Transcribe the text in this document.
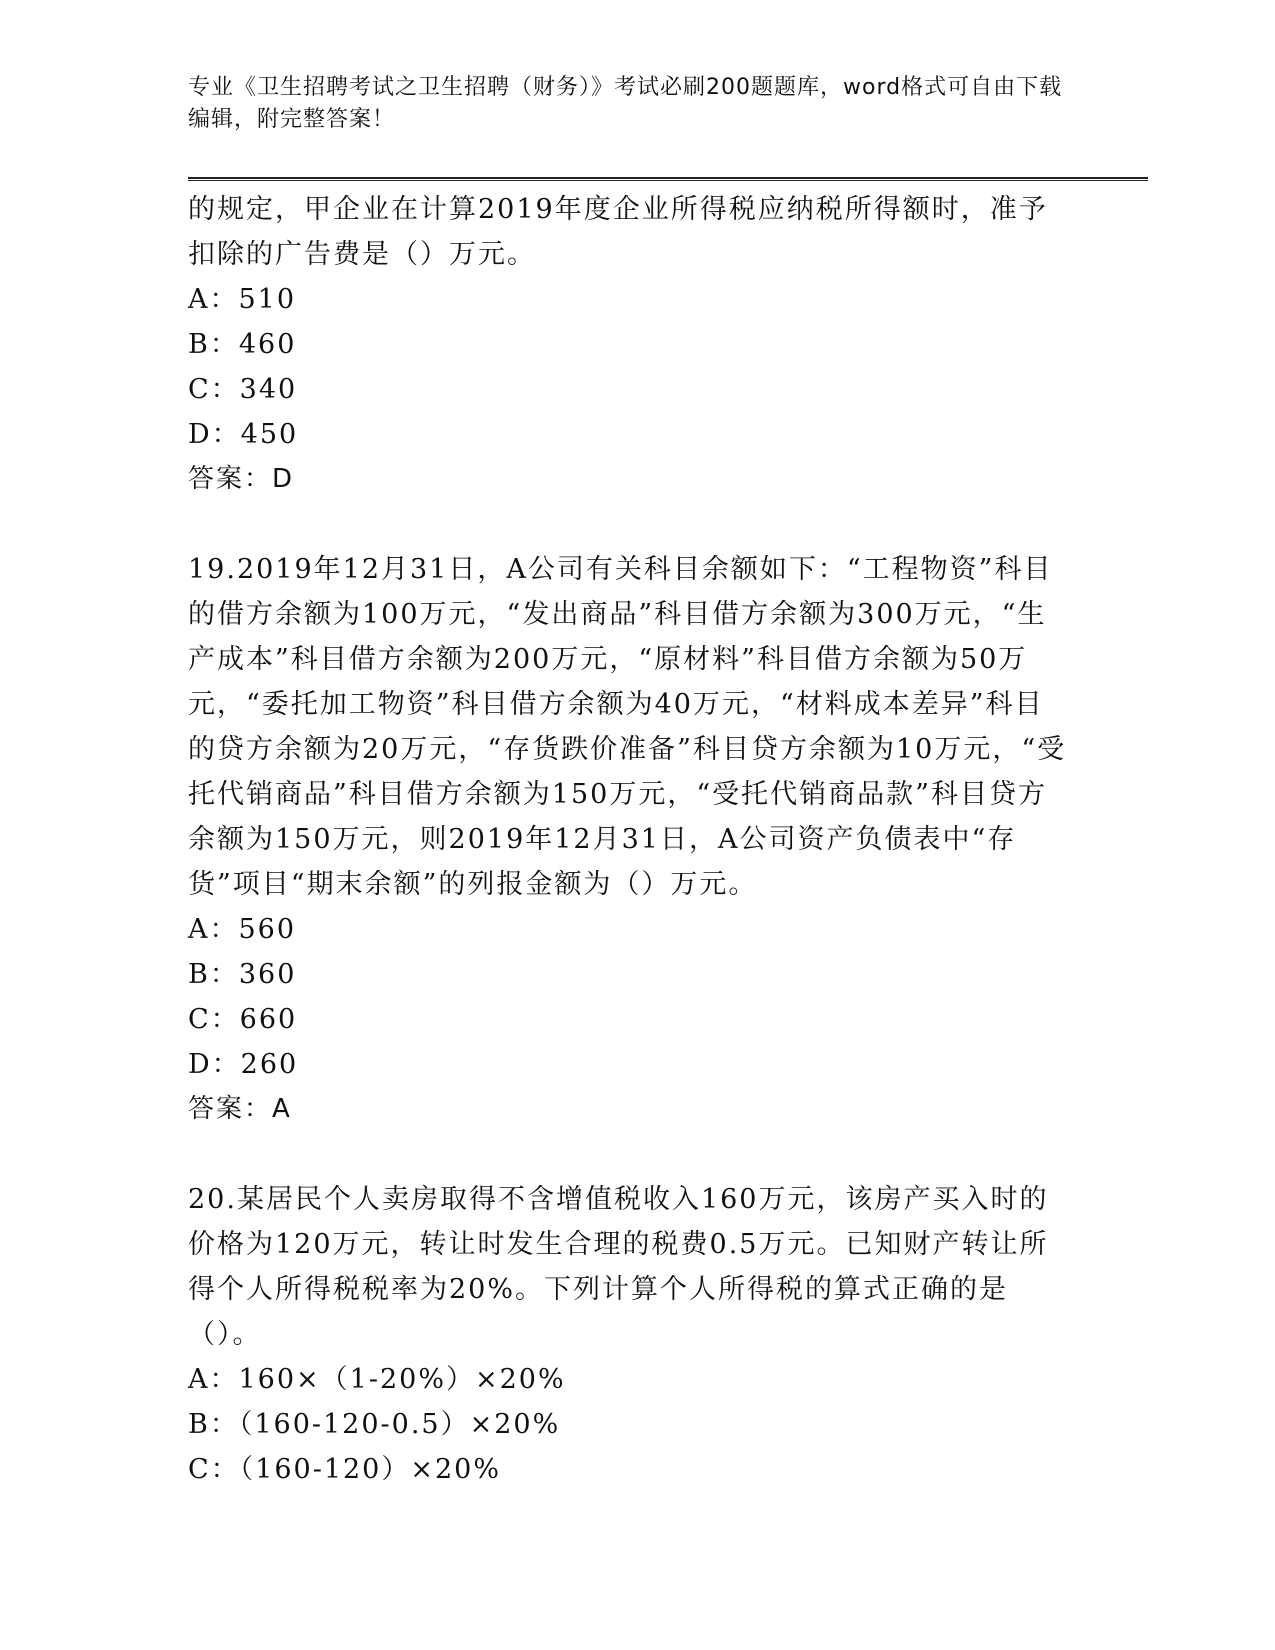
专业《卫生招聘考试之卫生招聘（财务）》考试必刷200题题库，word格式可自由下载编辑，附完整答案！

的规定，甲企业在计算2019年度企业所得税应纳税所得额时，准予扣除的广告费是（）万元。

A：510

B：460

C：340

D：450

答案：D

19.2019年12月31日，A公司有关科目余额如下：“工程物资”科目的借方余额为100万元，“发出商品”科目借方余额为300万元，“生产成本”科目借方余额为200万元，“原材料”科目借方余额为50万元，“委托加工物资”科目借方余额为40万元，“材料成本差异”科目的贷方余额为20万元，“存货跌价准备”科目贷方余额为10万元，“受托代销商品”科目借方余额为150万元，“受托代销商品款”科目贷方余额为150万元，则2019年12月31日，A公司资产负债表中“存货”项目“期末余额”的列报金额为（）万元。

A：560

B：360

C：660

D：260

答案：A

20.某居民个人卖房取得不含增值税收入160万元，该房产买入时的价格为120万元，转让时发生合理的税费0.5万元。已知财产转让所得个人所得税税率为20%。下列计算个人所得税的算式正确的是（）。

A：160×（1-20%）×20%

B：（160-120-0.5）×20%

C：（160-120）×20%
